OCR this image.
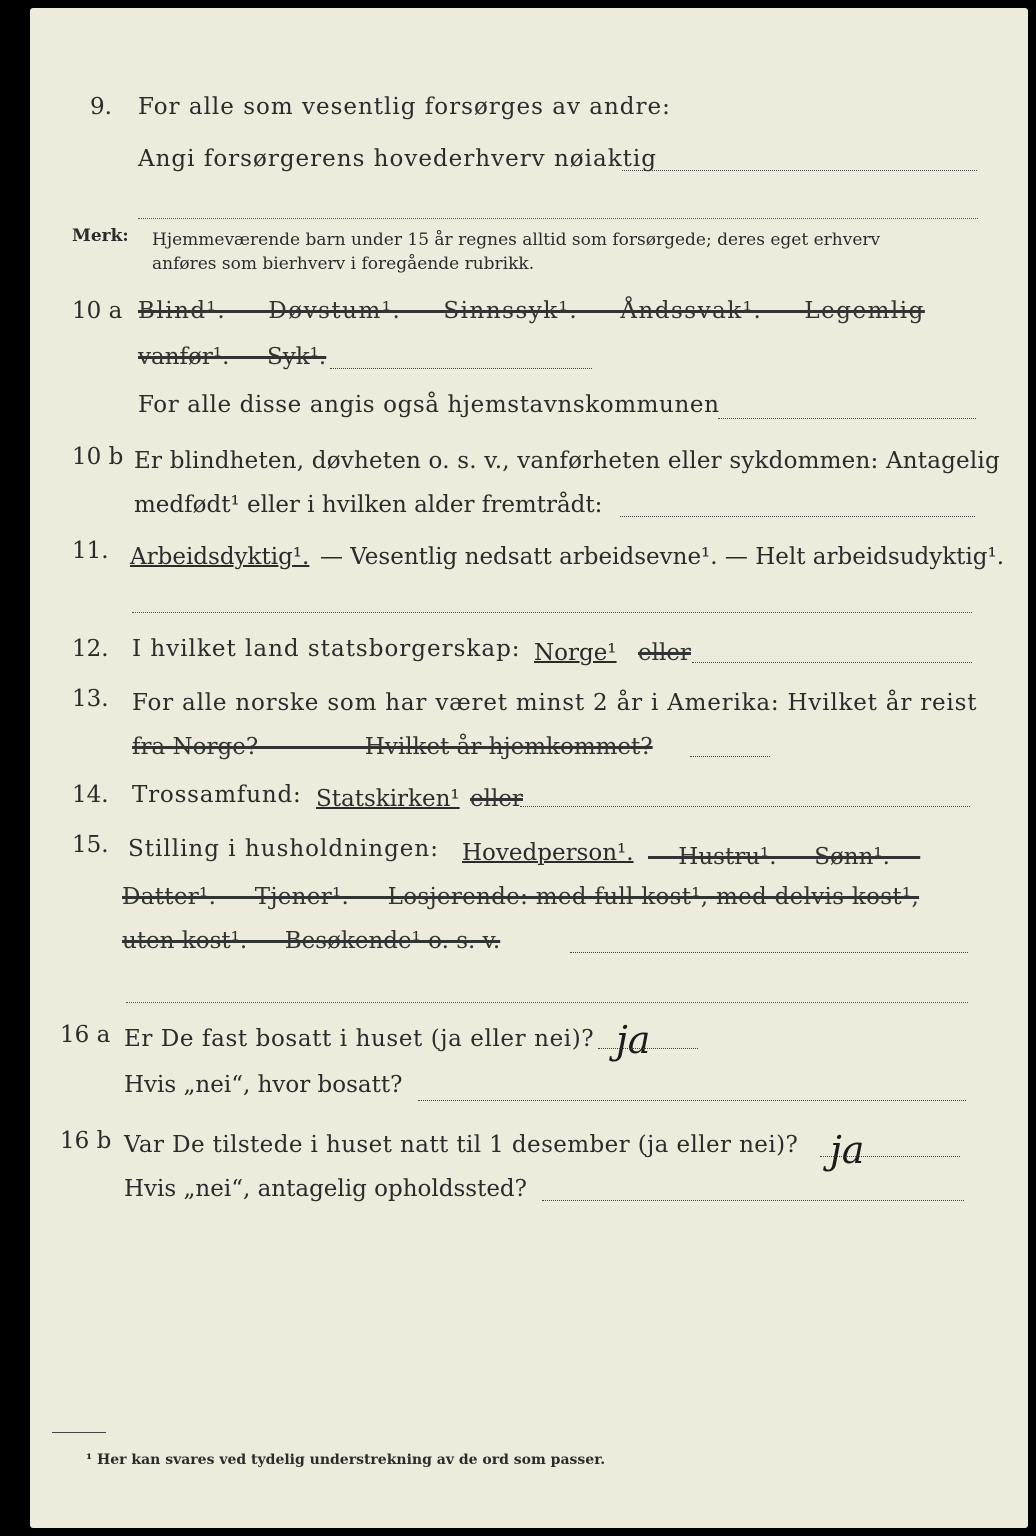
9. For alle som vesentlig forsørges av andre:
Angi forsørgerens hovederhverv nøiaktig
Merk: Hjemmeværende barn under 15 år regnes alltid som forsørgede; deres eget erhverv
anføres som bierhverv i foregående rubrikk.
10 a Blind¹. — Døvstum¹. — Sinnssyk¹. — Åndssvak¹. — Legemlig
vanfør¹. — Syk¹.
For alle disse angis også hjemstavnskommunen
10 b Er blindheten, døvheten o. s. v., vanførheten eller sykdommen: Antagelig
medfødt¹ eller i hvilken alder fremtrådt:
11. Arbeidsdyktig¹. — Vesentlig nedsatt arbeidsevne¹. — Helt arbeidsudyktig¹.
12. I hvilket land statsborgerskap: Norge¹ eller
13. For alle norske som har været minst 2 år i Amerika: Hvilket år reist
fra Norge? ———— Hvilket år hjemkommet?
14. Trossamfund: Statskirken¹ eller
15. Stilling i husholdningen: Hovedperson¹. — Hustru¹. — Sønn¹. —
Datter¹. — Tjener¹. — Losjerende: med full kost¹, med delvis kost¹,
uten kost¹. — Besøkende¹ o. s. v.
16 a Er De fast bosatt i huset (ja eller nei)? ja
Hvis „nei“, hvor bosatt?
16 b Var De tilstede i huset natt til 1 desember (ja eller nei)? ja
Hvis „nei“, antagelig opholdssted?
¹ Her kan svares ved tydelig understrekning av de ord som passer.
